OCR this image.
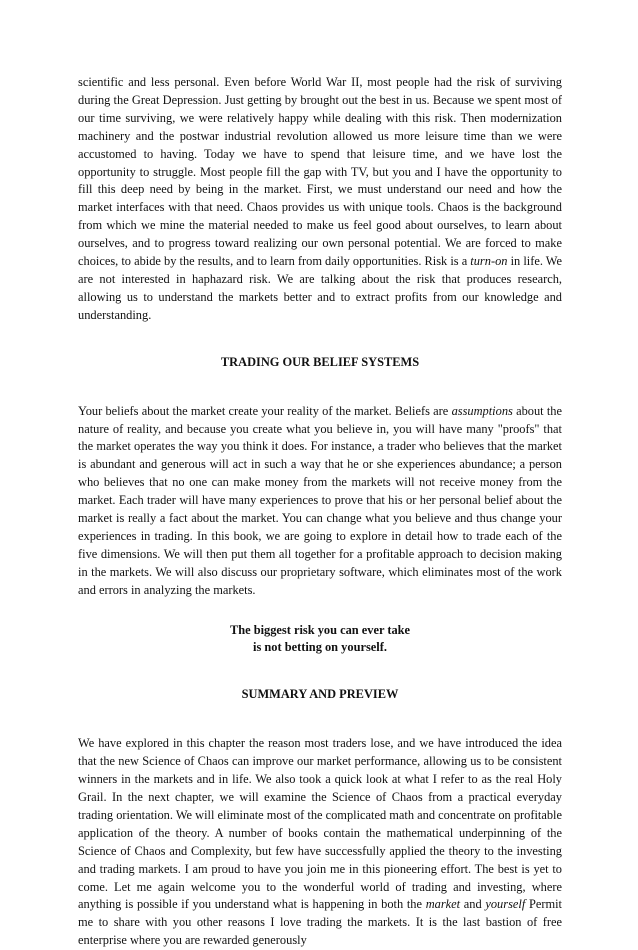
scientific and less personal. Even before World War II, most people had the risk of surviving during the Great Depression. Just getting by brought out the best in us. Because we spent most of our time surviving, we were relatively happy while dealing with this risk. Then modernization machinery and the postwar industrial revolution allowed us more leisure time than we were accustomed to having. Today we have to spend that leisure time, and we have lost the opportunity to struggle. Most people fill the gap with TV, but you and I have the opportunity to fill this deep need by being in the market. First, we must understand our need and how the market interfaces with that need. Chaos provides us with unique tools. Chaos is the background from which we mine the material needed to make us feel good about ourselves, to learn about ourselves, and to progress toward realizing our own personal potential. We are forced to make choices, to abide by the results, and to learn from daily opportunities. Risk is a turn-on in life. We are not interested in haphazard risk. We are talking about the risk that produces research, allowing us to understand the markets better and to extract profits from our knowledge and understanding.

TRADING OUR BELIEF SYSTEMS

Your beliefs about the market create your reality of the market. Beliefs are assumptions about the nature of reality, and because you create what you believe in, you will have many "proofs" that the market operates the way you think it does. For instance, a trader who believes that the market is abundant and generous will act in such a way that he or she experiences abundance; a person who believes that no one can make money from the markets will not receive money from the market. Each trader will have many experiences to prove that his or her personal belief about the market is really a fact about the market. You can change what you believe and thus change your experiences in trading. In this book, we are going to explore in detail how to trade each of the five dimensions. We will then put them all together for a profitable approach to decision making in the markets. We will also discuss our proprietary software, which eliminates most of the work and errors in analyzing the markets.

The biggest risk you can ever take
is not betting on yourself.

SUMMARY AND PREVIEW

We have explored in this chapter the reason most traders lose, and we have introduced the idea that the new Science of Chaos can improve our market performance, allowing us to be consistent winners in the markets and in life. We also took a quick look at what I refer to as the real Holy Grail. In the next chapter, we will examine the Science of Chaos from a practical everyday trading orientation. We will eliminate most of the complicated math and concentrate on profitable application of the theory. A number of books contain the mathematical underpinning of the Science of Chaos and Complexity, but few have successfully applied the theory to the investing and trading markets. I am proud to have you join me in this pioneering effort. The best is yet to come. Let me again welcome you to the wonderful world of trading and investing, where anything is possible if you understand what is happening in both the market and yourself Permit me to share with you other reasons I love trading the markets. It is the last bastion of free enterprise where you are rewarded generously
